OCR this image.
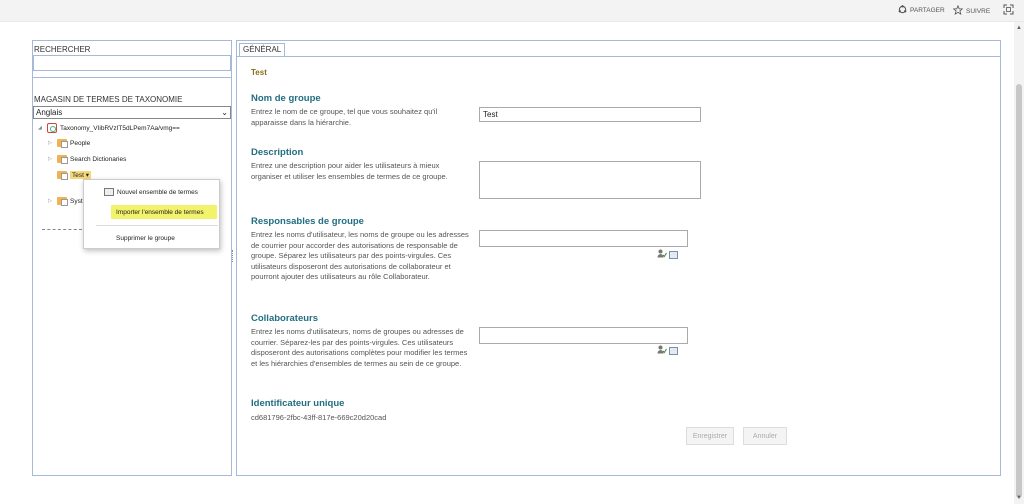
PARTAGER	SUIVRE
▲
▼
RECHERCHER
MAGASIN DE TERMES DE TAXONOMIE
Anglais	⌄
◢	Taxonomy_VIibRVzIT5dLPem7Aa/vmg==
▷	People
▷	Search Dictionaries
Test ▾
▷	Syst
Nouvel ensemble de termes
Importer l'ensemble de termes
Supprimer le groupe
GÉNÉRAL
Test
Nom de groupe
Entrez le nom de ce groupe, tel que vous souhaitez qu'il apparaisse dans la hiérarchie.
Test
Description
Entrez une description pour aider les utilisateurs à mieux organiser et utiliser les ensembles de termes de ce groupe.
Responsables de groupe
Entrez les noms d'utilisateur, les noms de groupe ou les adresses de courrier pour accorder des autorisations de responsable de groupe. Séparez les utilisateurs par des points-virgules. Ces utilisateurs disposeront des autorisations de collaborateur et pourront ajouter des utilisateurs au rôle Collaborateur.
Collaborateurs
Entrez les noms d'utilisateurs, noms de groupes ou adresses de courrier. Séparez-les par des points-virgules. Ces utilisateurs disposeront des autorisations complètes pour modifier les termes et les hiérarchies d'ensembles de termes au sein de ce groupe.
Identificateur unique
cd681796-2fbc-43ff-817e-669c20d20cad
Enregistrer	Annuler
